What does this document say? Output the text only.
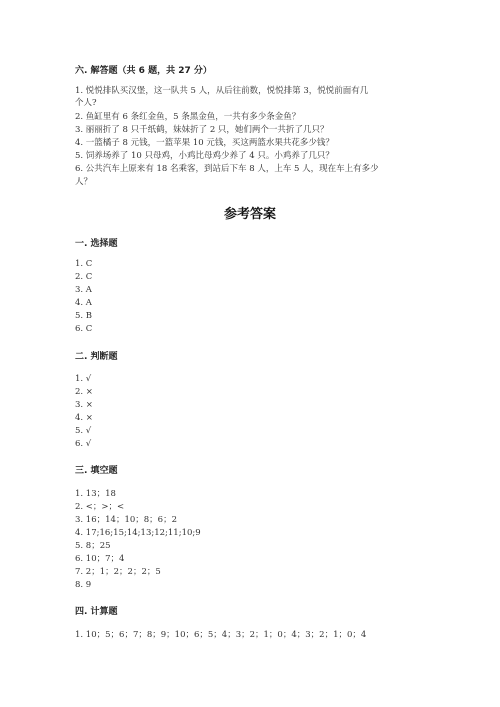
六. 解答题（共 6 题，共 27 分）
1. 悦悦排队买汉堡，这一队共 5 人，从后往前数，悦悦排第 3，悦悦前面有几
个人?
2. 鱼缸里有 6 条红金鱼，5 条黑金鱼，一共有多少条金鱼？
3. 丽丽折了 8 只千纸鹤，妹妹折了 2 只，她们两个一共折了几只？
4. 一篮橘子 8 元钱，一篮苹果 10 元钱，买这两篮水果共花多少钱？
5. 饲养场养了 10 只母鸡，小鸡比母鸡少养了 4 只。小鸡养了几只？
6. 公共汽车上原来有 18 名乘客，到站后下车 8 人，上车 5 人，现在车上有多少
人？
参考答案
一. 选择题
1. C
2. C
3. A
4. A
5. B
6. C
二. 判断题
1. √
2. ×
3. ×
4. ×
5. √
6. √
三. 填空题
1. 13；18
2. <；>；<
3. 16；14；10；8；6；2
4. 17;16;15;14;13;12;11;10;9
5. 8；25
6. 10；7；4
7. 2；1；2；2；2；5
8. 9
四. 计算题
1. 10；5；6；7；8；9；10；6；5；4；3；2；1；0；4；3；2；1；0；4
